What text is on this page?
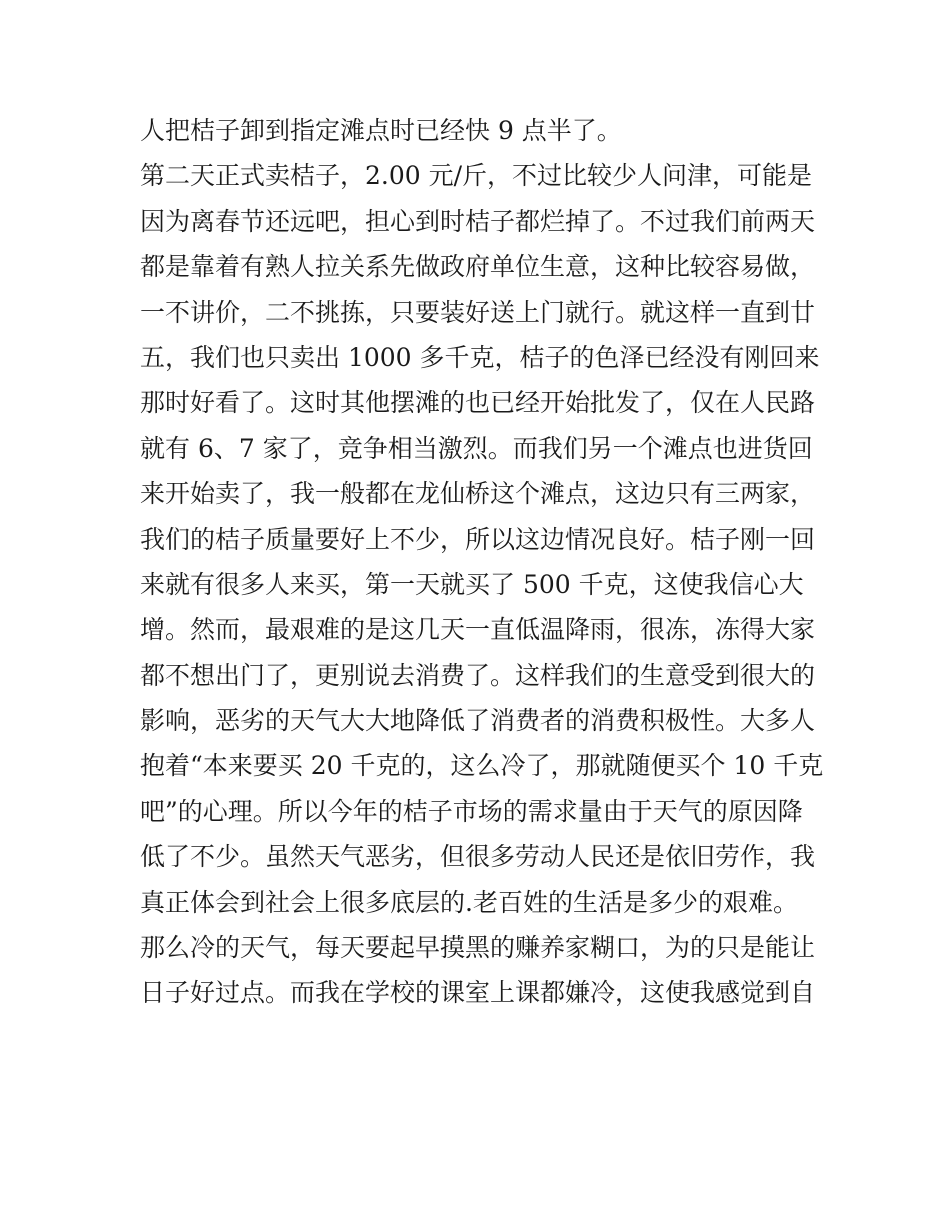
人把桔子卸到指定滩点时已经快 9 点半了。
第二天正式卖桔子，2.00 元/斤，不过比较少人问津，可能是
因为离春节还远吧，担心到时桔子都烂掉了。不过我们前两天
都是靠着有熟人拉关系先做政府单位生意，这种比较容易做，
一不讲价，二不挑拣，只要装好送上门就行。就这样一直到廿
五，我们也只卖出 1000 多千克，桔子的色泽已经没有刚回来
那时好看了。这时其他摆滩的也已经开始批发了，仅在人民路
就有 6、7 家了，竞争相当激烈。而我们另一个滩点也进货回
来开始卖了，我一般都在龙仙桥这个滩点，这边只有三两家，
我们的桔子质量要好上不少，所以这边情况良好。桔子刚一回
来就有很多人来买，第一天就买了 500 千克，这使我信心大
增。然而，最艰难的是这几天一直低温降雨，很冻，冻得大家
都不想出门了，更别说去消费了。这样我们的生意受到很大的
影响，恶劣的天气大大地降低了消费者的消费积极性。大多人
抱着“本来要买 20 千克的，这么冷了，那就随便买个 10 千克
吧”的心理。所以今年的桔子市场的需求量由于天气的原因降
低了不少。虽然天气恶劣，但很多劳动人民还是依旧劳作，我
真正体会到社会上很多底层的.老百姓的生活是多少的艰难。
那么冷的天气，每天要起早摸黑的赚养家糊口，为的只是能让
日子好过点。而我在学校的课室上课都嫌冷，这使我感觉到自
